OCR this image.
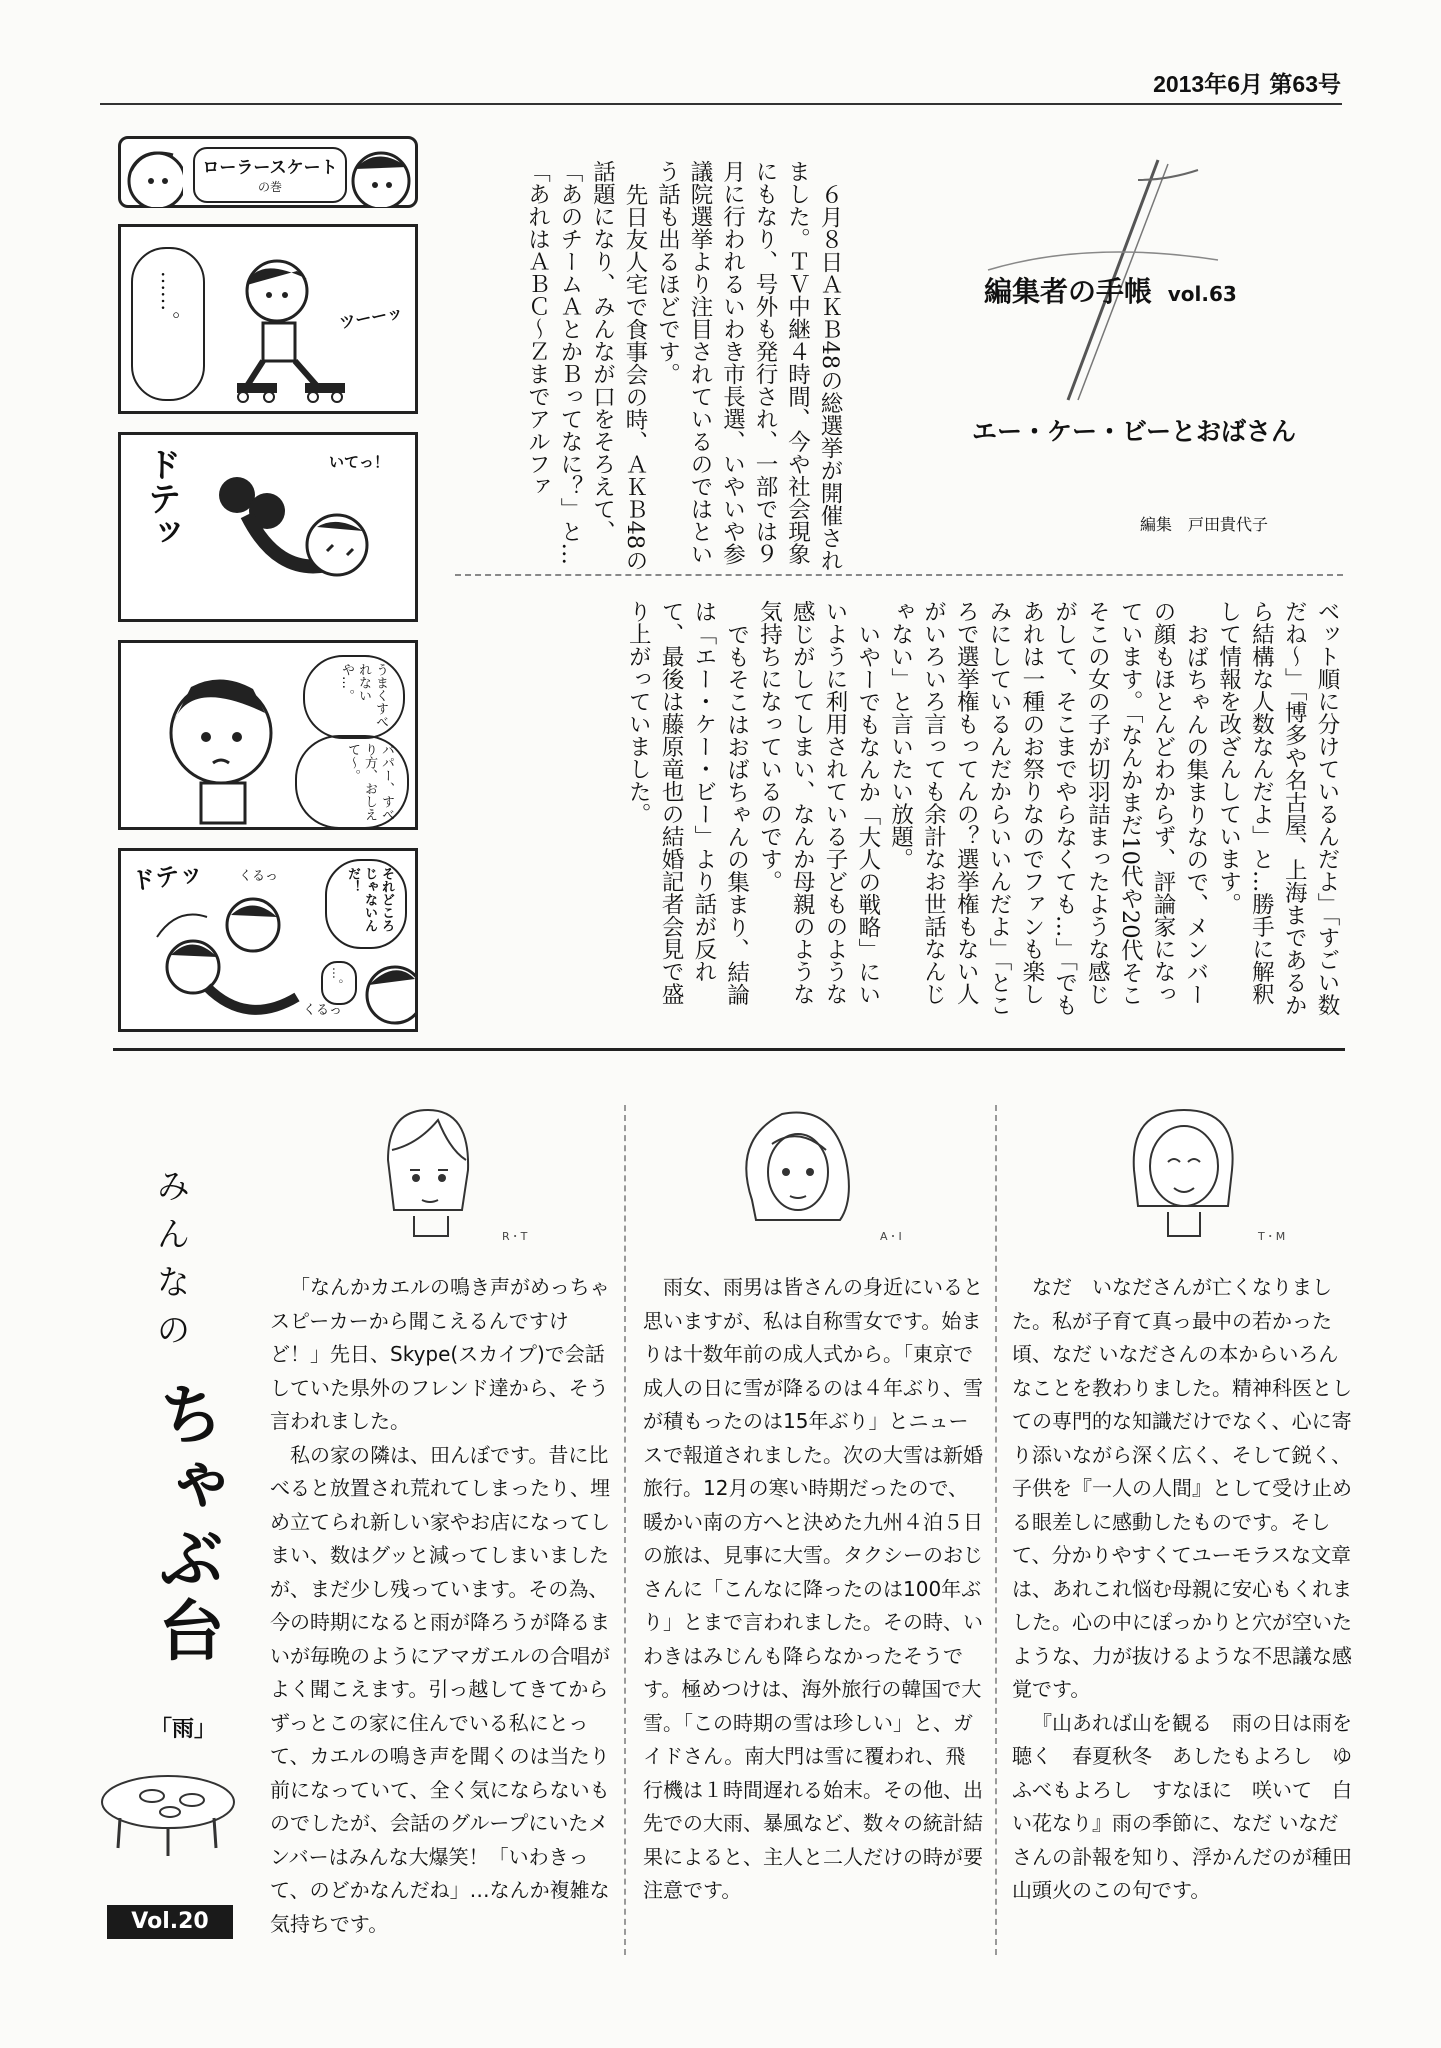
2013年6月 第63号
ローラースケート
の巻
……。	ツーーッ
ドテッ	いてっ！
うまくすべれないや…。
パパー、すべり方、おしえて〜。
ドテッ	それどころじゃないんだ！
くるっ
くるっ
…。

６月８日ＡＫＢ48の総選挙が開催されました。ＴＶ中継４時間、今や社会現象にもなり、号外も発行され、一部では９月に行われるいわき市長選、いやいや参議院選挙より注目されているのではという話も出るほどです。

先日友人宅で食事会の時、ＡＫＢ48の話題になり、みんなが口をそろえて、「あのチームＡとかＢってなに？」と…「あれはＡＢＣ〜Ｚまでアルファ	編集者の手帳 vol.63
エー・ケー・ビーとおばさん
編集　戸田貴代子

ベット順に分けているんだよ」「すごい数だね〜」「博多や名古屋、上海まであるから結構な人数なんだよ」と…勝手に解釈して情報を改ざんしています。

おばちゃんの集まりなので、メンバーの顔もほとんどわからず、評論家になっています。「なんかまだ10代や20代そこそこの女の子が切羽詰まったような感じがして、そこまでやらなくても…」「でもあれは一種のお祭りなのでファンも楽しみにしているんだからいいんだよ」「ところで選挙権もってんの？選挙権もない人がいろいろ言っても余計なお世話なんじゃない」と言いたい放題。

いやーでもなんか「大人の戦略」にいいように利用されている子どものような感じがしてしまい、なんか母親のような気持ちになっているのです。

でもそこはおばちゃんの集まり、結論は「エー・ケー・ビー」より話が反れて、最後は藤原竜也の結婚記者会見で盛り上がっていました。

みんなの
ちゃぶ台
「雨」
Vol.20
R・T

「なんかカエルの鳴き声がめっちゃスピーカーから聞こえるんですけど！」先日、Skype(スカイプ)で会話していた県外のフレンド達から、そう言われました。

私の家の隣は、田んぼです。昔に比べると放置され荒れてしまったり、埋め立てられ新しい家やお店になってしまい、数はグッと減ってしまいましたが、まだ少し残っています。その為、今の時期になると雨が降ろうが降るまいが毎晩のようにアマガエルの合唱がよく聞こえます。引っ越してきてからずっとこの家に住んでいる私にとって、カエルの鳴き声を聞くのは当たり前になっていて、全く気にならないものでしたが、会話のグループにいたメンバーはみんな大爆笑！「いわきって、のどかなんだね」…なんか複雑な気持ちです。

A・I

雨女、雨男は皆さんの身近にいると思いますが、私は自称雪女です。始まりは十数年前の成人式から。「東京で成人の日に雪が降るのは４年ぶり、雪が積もったのは15年ぶり」とニュースで報道されました。次の大雪は新婚旅行。12月の寒い時期だったので、暖かい南の方へと決めた九州４泊５日の旅は、見事に大雪。タクシーのおじさんに「こんなに降ったのは100年ぶり」とまで言われました。その時、いわきはみじんも降らなかったそうです。極めつけは、海外旅行の韓国で大雪。「この時期の雪は珍しい」と、ガイドさん。南大門は雪に覆われ、飛行機は１時間遅れる始末。その他、出先での大雨、暴風など、数々の統計結果によると、主人と二人だけの時が要注意です。

T・M

なだ　いなださんが亡くなりました。私が子育て真っ最中の若かった頃、なだ いなださんの本からいろんなことを教わりました。精神科医としての専門的な知識だけでなく、心に寄り添いながら深く広く、そして鋭く、子供を『一人の人間』として受け止める眼差しに感動したものです。そして、分かりやすくてユーモラスな文章は、あれこれ悩む母親に安心もくれました。心の中にぽっかりと穴が空いたような、力が抜けるような不思議な感覚です。

『山あれば山を観る　雨の日は雨を聴く　春夏秋冬　あしたもよろし　ゆふべもよろし　すなほに　咲いて　白い花なり』雨の季節に、なだ いなださんの訃報を知り、浮かんだのが種田山頭火のこの句です。
